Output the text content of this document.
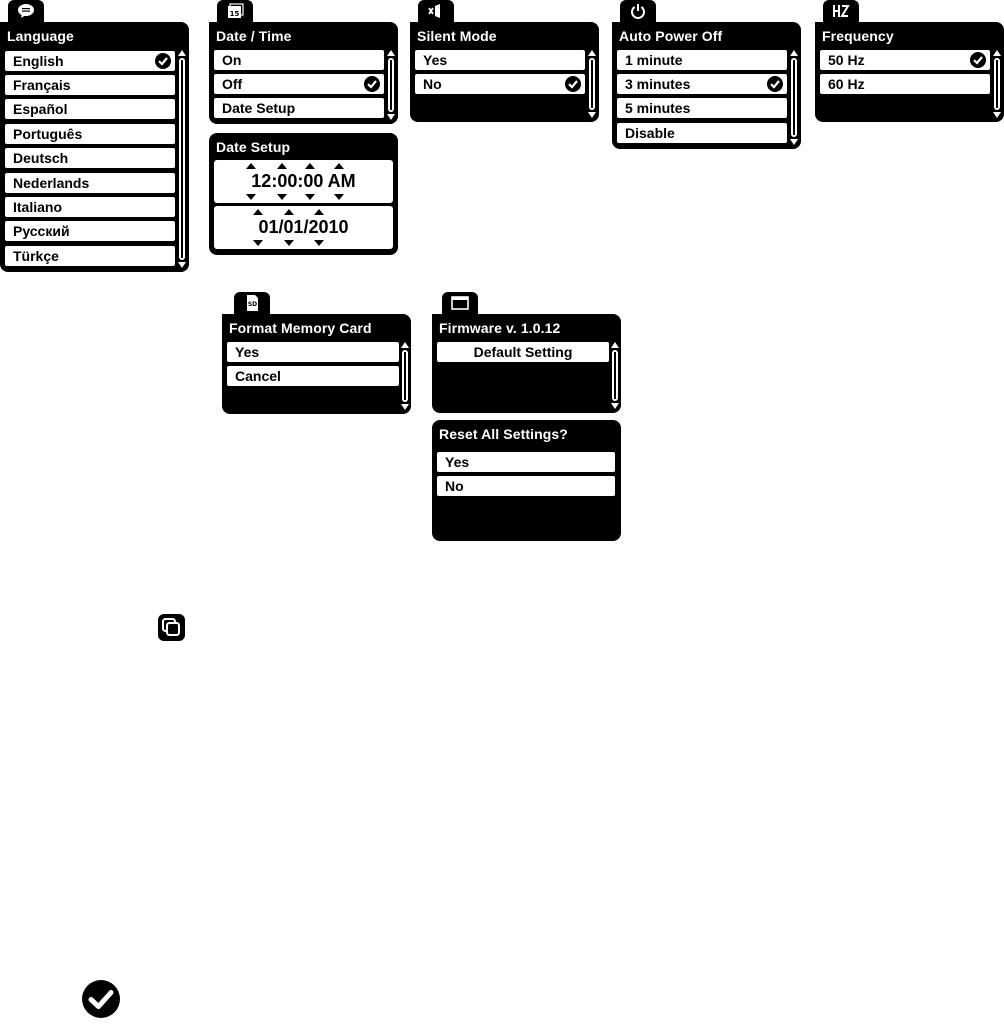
Language
English
Français
Español
Português
Deutsch
Nederlands
Italiano
Русский
Türkçe
15
Date / Time
On
Off
Date Setup
Date Setup
12:00:00 AM
01/01/2010
Silent Mode
Yes
No
Auto Power Off
1 minute
3 minutes
5 minutes
Disable
Frequency
50 Hz
60 Hz
SD
Format Memory Card
Yes
Cancel
Firmware v. 1.0.12
Default Setting
Reset All Settings?
Yes
No
